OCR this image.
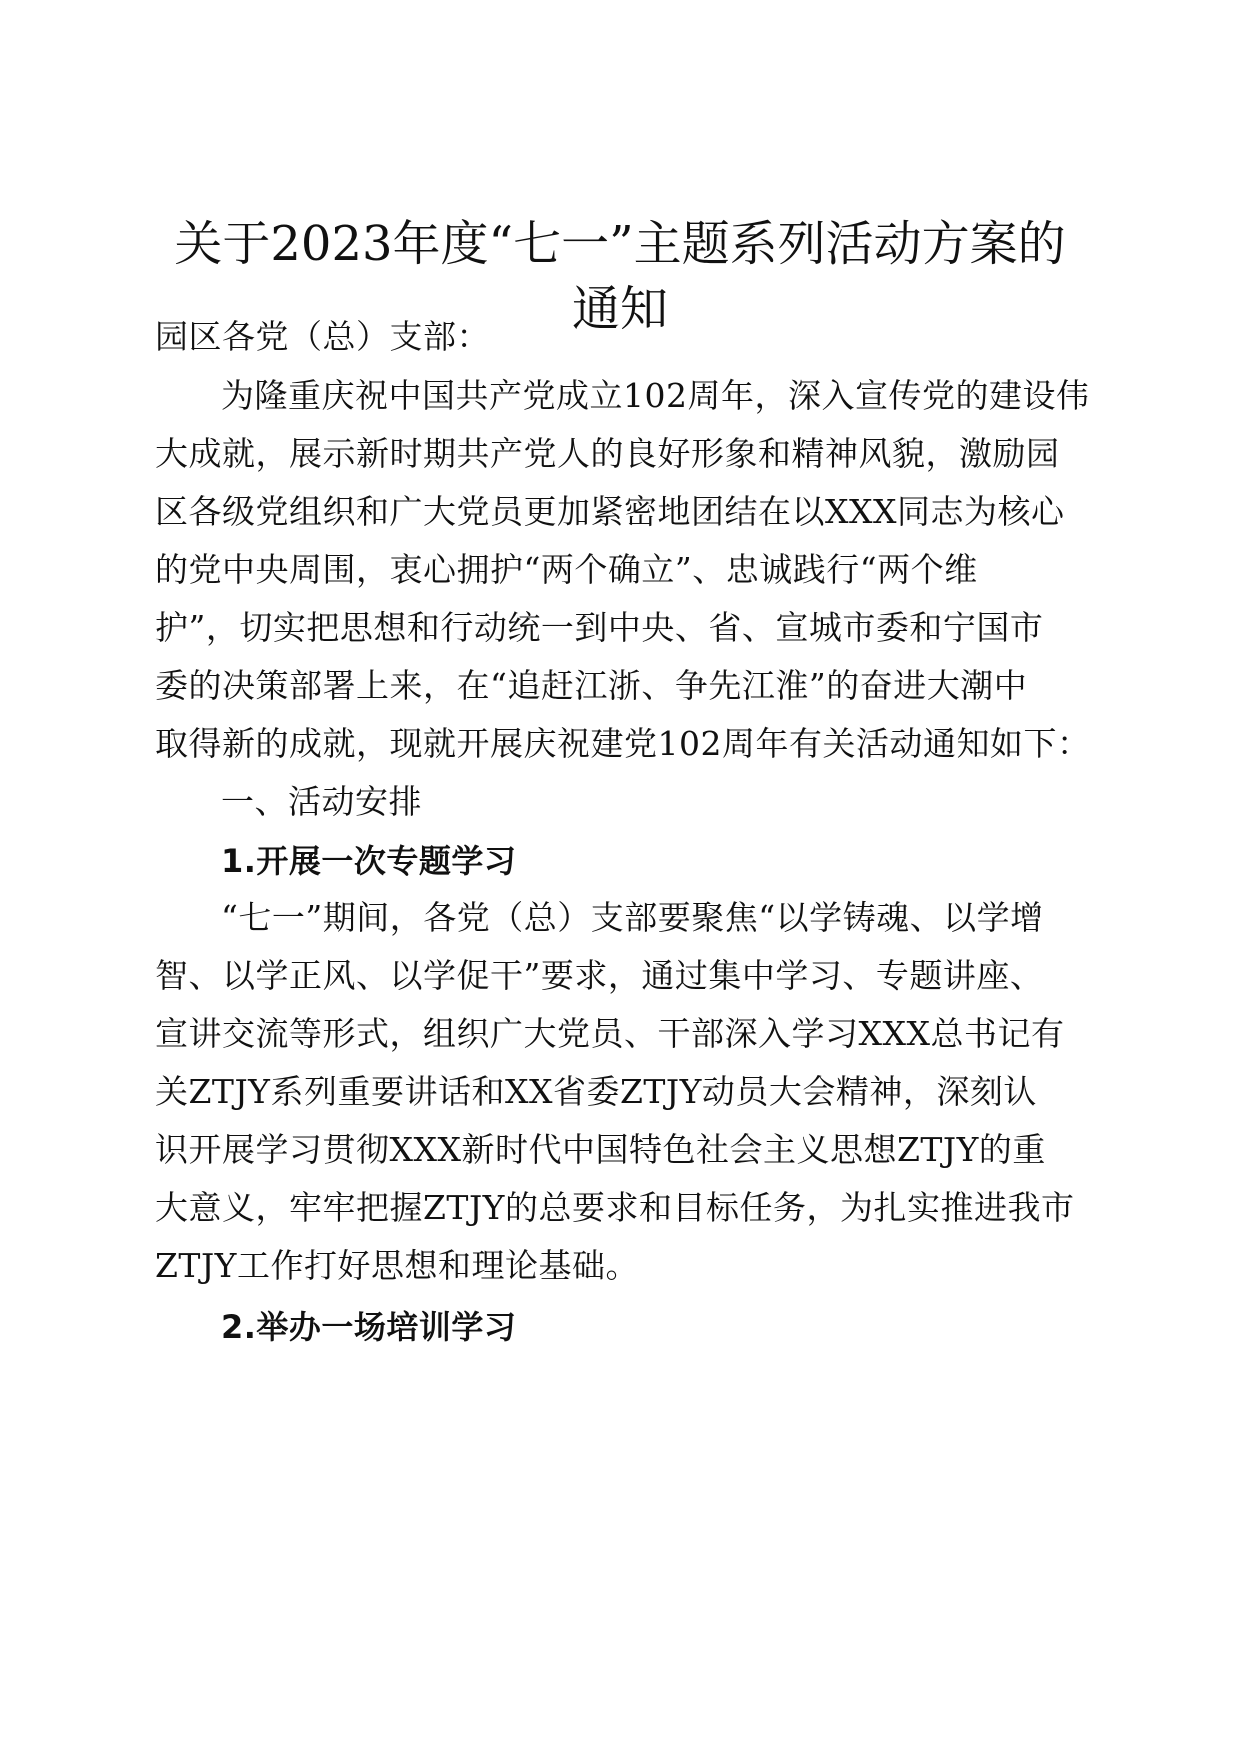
关于2023年度“七一”主题系列活动方案的
通知
园区各党（总）支部：
为隆重庆祝中国共产党成立102周年，深入宣传党的建设伟
大成就，展示新时期共产党人的良好形象和精神风貌，激励园
区各级党组织和广大党员更加紧密地团结在以XXX同志为核心
的党中央周围，衷心拥护“两个确立”、忠诚践行“两个维
护”，切实把思想和行动统一到中央、省、宣城市委和宁国市
委的决策部署上来，在“追赶江浙、争先江淮”的奋进大潮中
取得新的成就，现就开展庆祝建党102周年有关活动通知如下：
一、活动安排
1.开展一次专题学习
“七一”期间，各党（总）支部要聚焦“以学铸魂、以学增
智、以学正风、以学促干”要求，通过集中学习、专题讲座、
宣讲交流等形式，组织广大党员、干部深入学习XXX总书记有
关ZTJY系列重要讲话和XX省委ZTJY动员大会精神，深刻认
识开展学习贯彻XXX新时代中国特色社会主义思想ZTJY的重
大意义，牢牢把握ZTJY的总要求和目标任务，为扎实推进我市
ZTJY工作打好思想和理论基础。
2.举办一场培训学习
